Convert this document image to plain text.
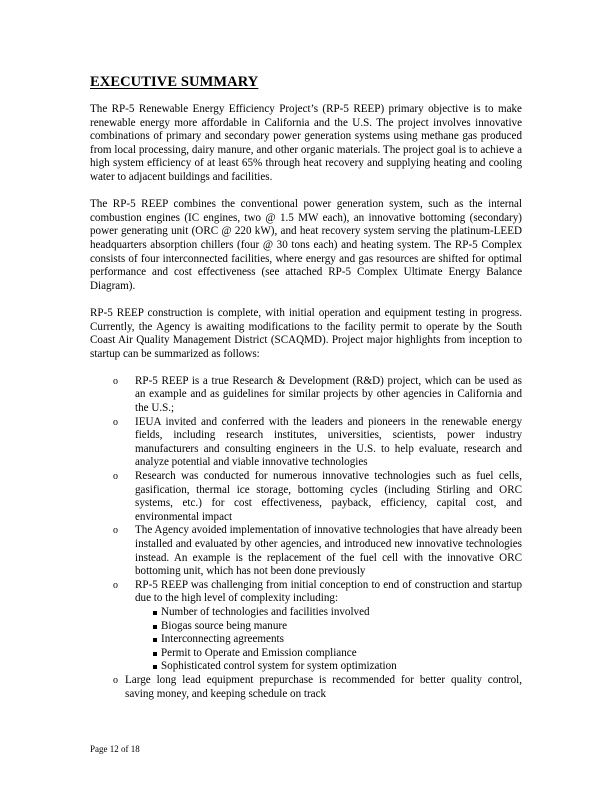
EXECUTIVE SUMMARY

The RP-5 Renewable Energy Efficiency Project’s (RP-5 REEP) primary objective is to make renewable energy more affordable in California and the U.S. The project involves innovative combinations of primary and secondary power generation systems using methane gas produced from local processing, dairy manure, and other organic materials. The project goal is to achieve a high system efficiency of at least 65% through heat recovery and supplying heating and cooling water to adjacent buildings and facilities.

The RP-5 REEP combines the conventional power generation system, such as the internal combustion engines (IC engines, two @ 1.5 MW each), an innovative bottoming (secondary) power generating unit (ORC @ 220 kW), and heat recovery system serving the platinum-LEED headquarters absorption chillers (four @ 30 tons each) and heating system. The RP-5 Complex consists of four interconnected facilities, where energy and gas resources are shifted for optimal performance and cost effectiveness (see attached RP-5 Complex Ultimate Energy Balance Diagram).

RP-5 REEP construction is complete, with initial operation and equipment testing in progress. Currently, the Agency is awaiting modifications to the facility permit to operate by the South Coast Air Quality Management District (SCAQMD). Project major highlights from inception to startup can be summarized as follows:

o RP-5 REEP is a true Research & Development (R&D) project, which can be used as an example and as guidelines for similar projects by other agencies in California and the U.S.;
o IEUA invited and conferred with the leaders and pioneers in the renewable energy fields, including research institutes, universities, scientists, power industry manufacturers and consulting engineers in the U.S. to help evaluate, research and analyze potential and viable innovative technologies
o Research was conducted for numerous innovative technologies such as fuel cells, gasification, thermal ice storage, bottoming cycles (including Stirling and ORC systems, etc.) for cost effectiveness, payback, efficiency, capital cost, and environmental impact
o The Agency avoided implementation of innovative technologies that have already been installed and evaluated by other agencies, and introduced new innovative technologies instead. An example is the replacement of the fuel cell with the innovative ORC bottoming unit, which has not been done previously
o RP-5 REEP was challenging from initial conception to end of construction and startup due to the high level of complexity including:
Number of technologies and facilities involved
Biogas source being manure
Interconnecting agreements
Permit to Operate and Emission compliance
Sophisticated control system for system optimization
o Large long lead equipment prepurchase is recommended for better quality control, saving money, and keeping schedule on track
Page 12 of 18
